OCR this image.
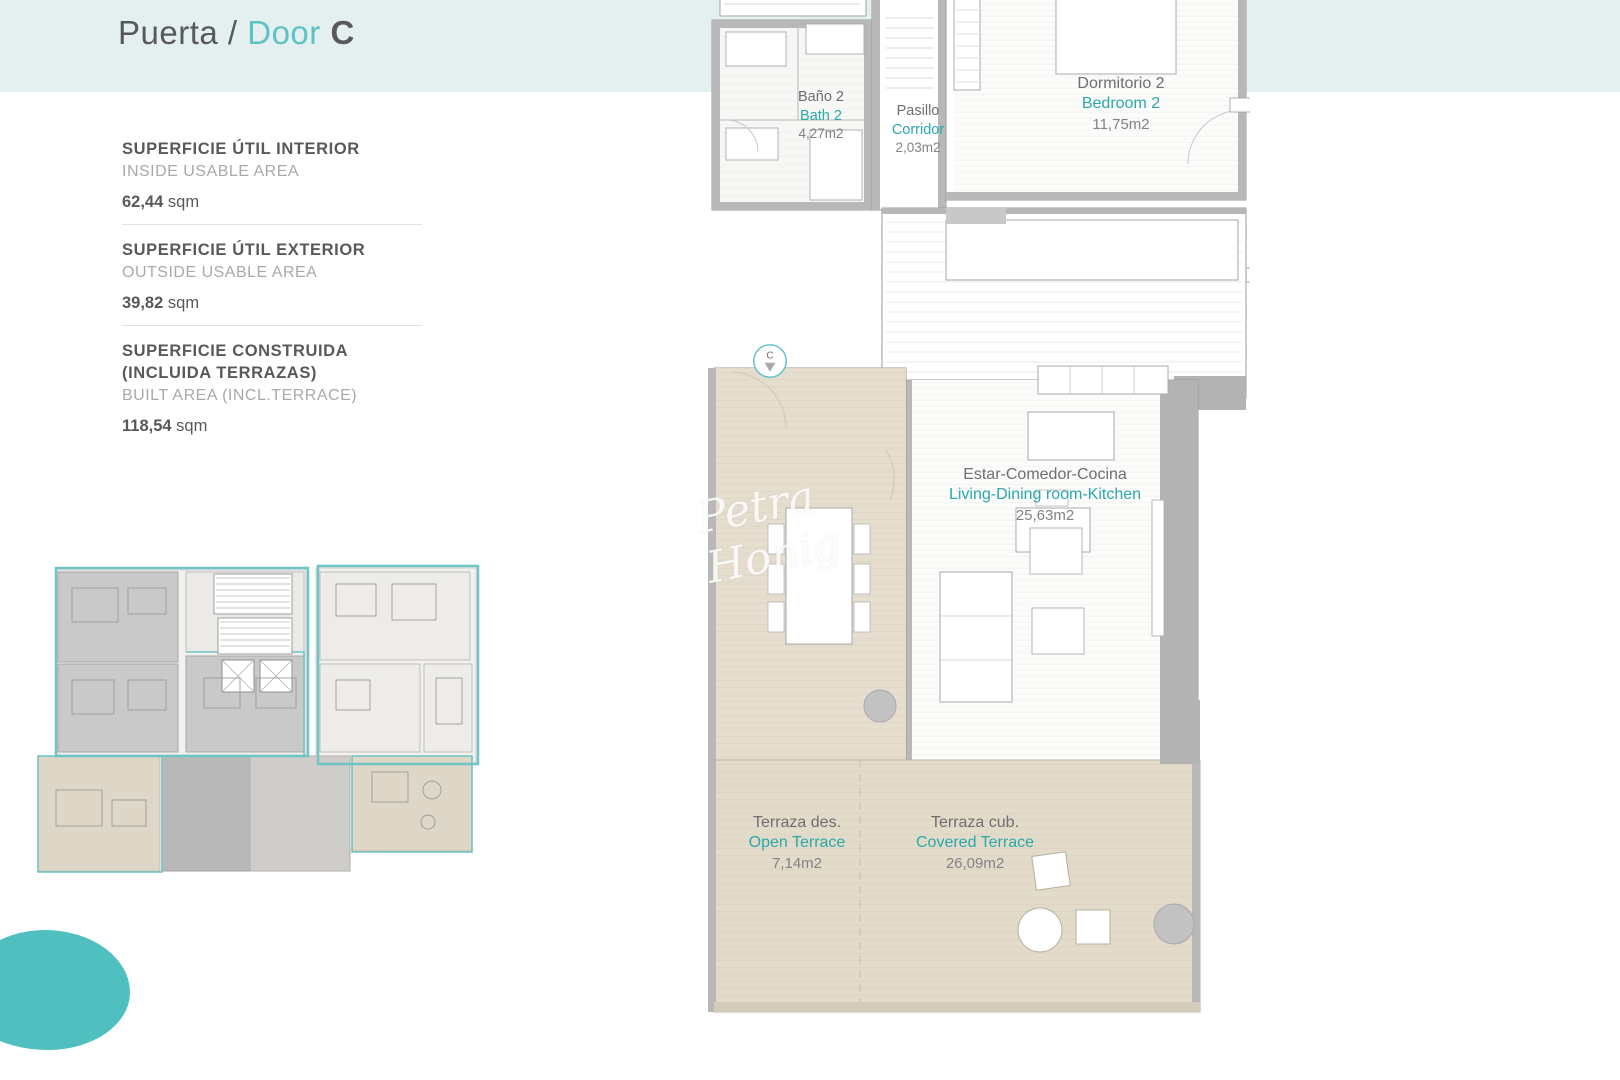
Puerta / Door C
SUPERFICIE ÚTIL INTERIOR
INSIDE USABLE AREA
62,44 sqm
SUPERFICIE ÚTIL EXTERIOR
OUTSIDE USABLE AREA
39,82 sqm
SUPERFICIE CONSTRUIDA
(INCLUIDA TERRAZAS)
BUILT AREA (INCL.TERRACE)
118,54 sqm
C
Baño 2
Bath 2
4,27m2
Pasillo
Corridor
2,03m2
Dormitorio 2
Bedroom 2
11,75m2
Estar-Comedor-Cocina
Living-Dining room-Kitchen
25,63m2
Terraza des.
Open Terrace
7,14m2
Terraza cub.
Covered Terrace
26,09m2
Petra Honig
